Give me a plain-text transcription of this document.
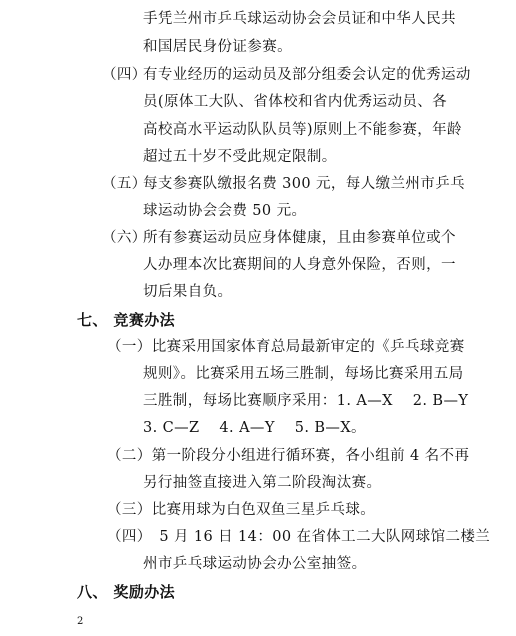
手凭兰州市乒乓球运动协会会员证和中华人民共
和国居民身份证参赛。
（四）
有专业经历的运动员及部分组委会认定的优秀运动
员(原体工大队、省体校和省内优秀运动员、各
高校高水平运动队队员等)原则上不能参赛，年龄
超过五十岁不受此规定限制。
（五）
每支参赛队缴报名费 300 元，每人缴兰州市乒乓
球运动协会会费 50 元。
（六）
所有参赛运动员应身体健康，且由参赛单位或个
人办理本次比赛期间的人身意外保险，否则，一
切后果自负。
七、 竞赛办法
（一）比赛采用国家体育总局最新审定的《乒乓球竞赛
规则》。比赛采用五场三胜制，每场比赛采用五局
三胜制，每场比赛顺序采用：1. A—X　 2. B—Y
3. C—Z　 4. A—Y　 5. B—X。
（二）第一阶段分小组进行循环赛，各小组前 4 名不再
另行抽签直接进入第二阶段淘汰赛。
（三）比赛用球为白色双鱼三星乒乓球。
（四）　5 月 16 日 14：00 在省体工二大队网球馆二楼兰
州市乒乓球运动协会办公室抽签。
八、 奖励办法
2
